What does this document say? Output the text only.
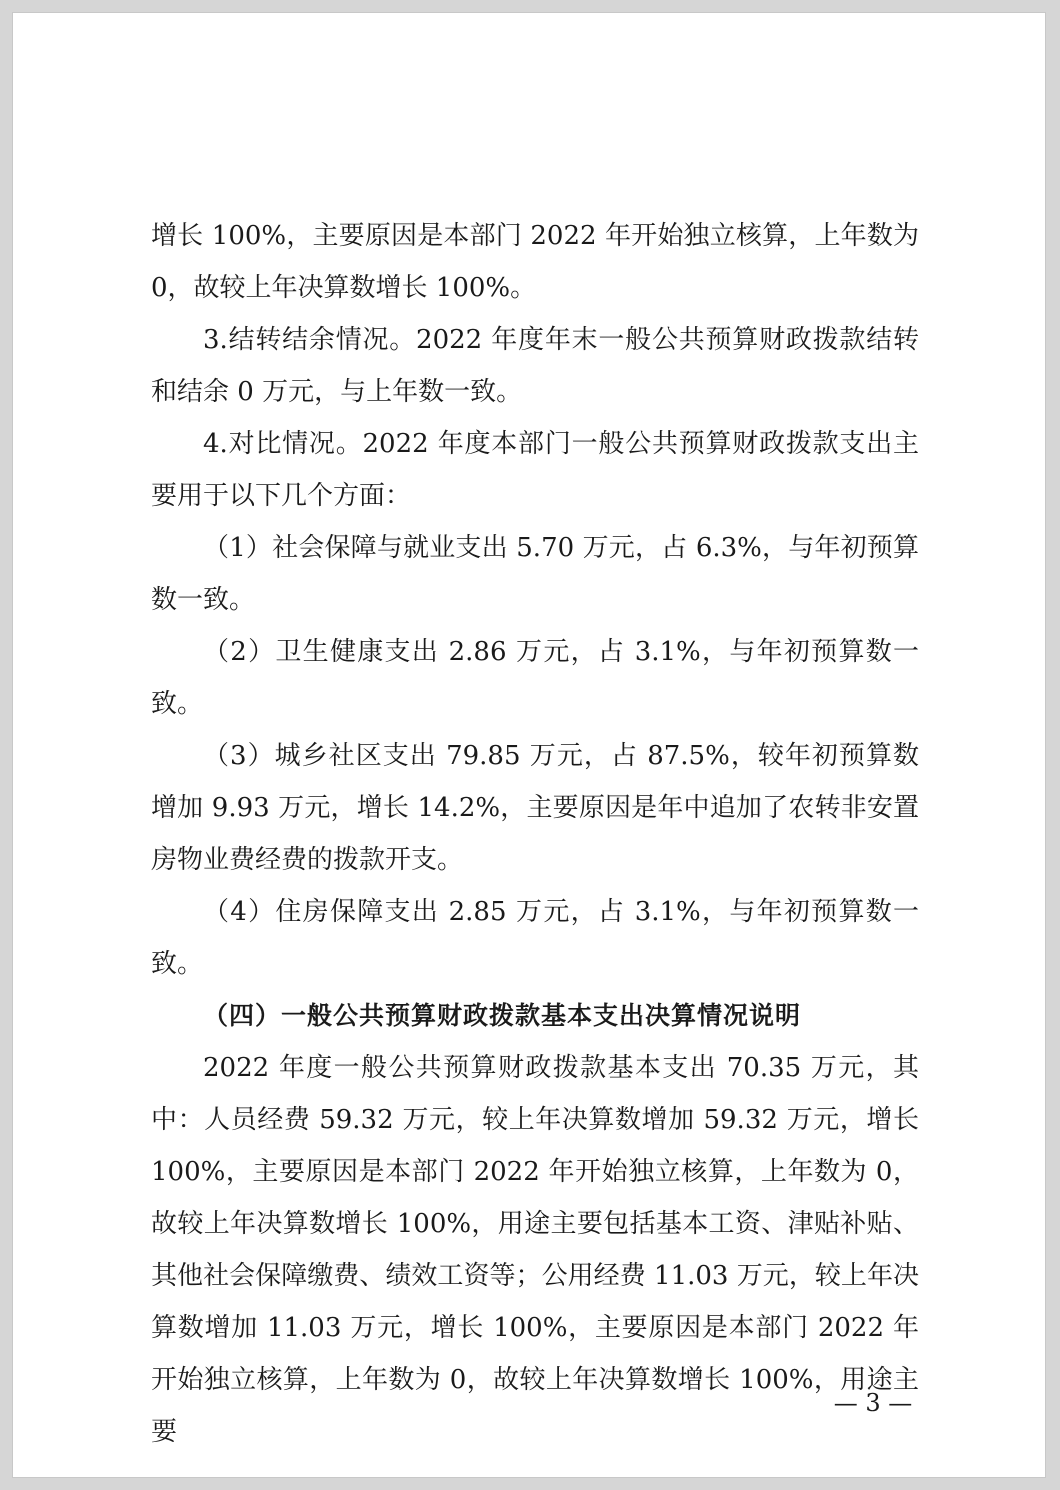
增长 100%，主要原因是本部门 2022 年开始独立核算，上年数为 0，故较上年决算数增长 100%。

3.结转结余情况。2022 年度年末一般公共预算财政拨款结转和结余 0 万元，与上年数一致。

4.对比情况。2022 年度本部门一般公共预算财政拨款支出主要用于以下几个方面：

（1）社会保障与就业支出 5.70 万元，占 6.3%，与年初预算数一致。

（2）卫生健康支出 2.86 万元，占 3.1%，与年初预算数一致。

（3）城乡社区支出 79.85 万元，占 87.5%，较年初预算数增加 9.93 万元，增长 14.2%，主要原因是年中追加了农转非安置房物业费经费的拨款开支。

（4）住房保障支出 2.85 万元，占 3.1%，与年初预算数一致。

（四）一般公共预算财政拨款基本支出决算情况说明

2022 年度一般公共预算财政拨款基本支出 70.35 万元，其中：人员经费 59.32 万元，较上年决算数增加 59.32 万元，增长 100%，主要原因是本部门 2022 年开始独立核算，上年数为 0，故较上年决算数增长 100%，用途主要包括基本工资、津贴补贴、其他社会保障缴费、绩效工资等；公用经费 11.03 万元，较上年决算数增加 11.03 万元，增长 100%，主要原因是本部门 2022 年开始独立核算，上年数为 0，故较上年决算数增长 100%，用途主要

— 3 —
